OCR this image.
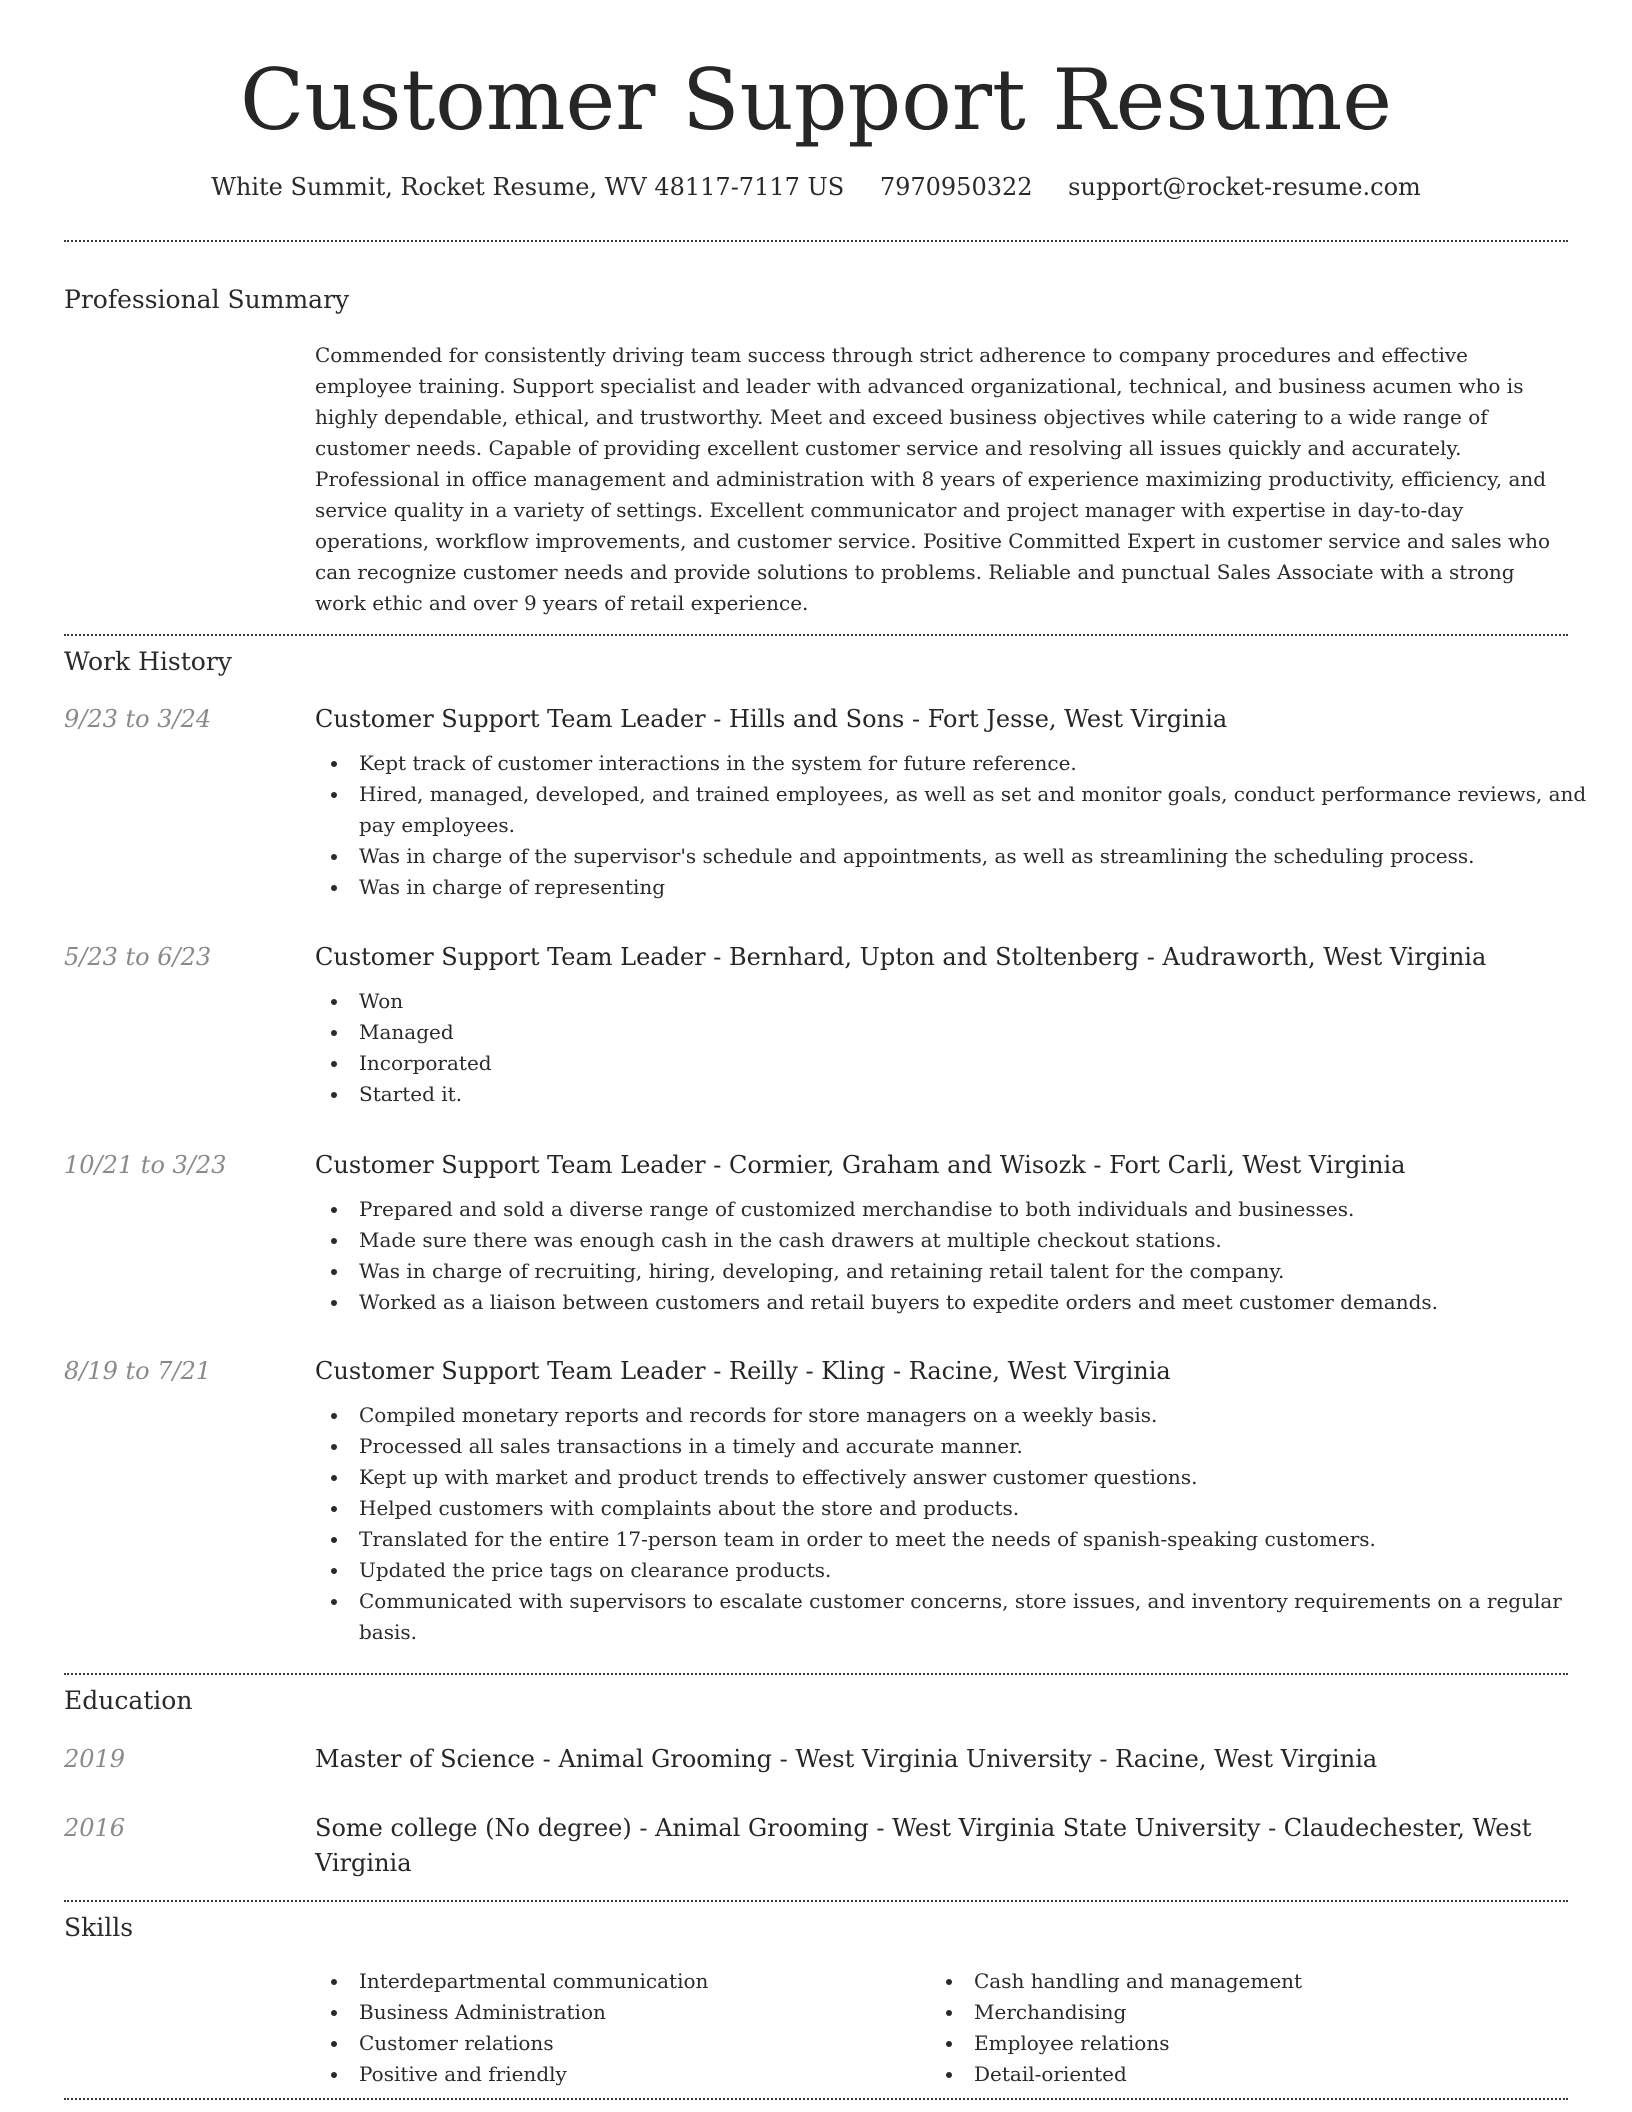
Customer Support Resume
White Summit, Rocket Resume, WV 48117-7117 US 7970950322 support@rocket-resume.com
Professional Summary

Commended for consistently driving team success through strict adherence to company procedures and effective employee training. Support specialist and leader with advanced organizational, technical, and business acumen who is highly dependable, ethical, and trustworthy. Meet and exceed business objectives while catering to a wide range of customer needs. Capable of providing excellent customer service and resolving all issues quickly and accurately. Professional in office management and administration with 8 years of experience maximizing productivity, efficiency, and service quality in a variety of settings. Excellent communicator and project manager with expertise in day-to-day operations, workflow improvements, and customer service. Positive Committed Expert in customer service and sales who can recognize customer needs and provide solutions to problems. Reliable and punctual Sales Associate with a strong work ethic and over 9 years of retail experience.

Work History
9/23 to 3/24	Customer Support Team Leader - Hills and Sons - Fort Jesse, West Virginia
Kept track of customer interactions in the system for future reference.
Hired, managed, developed, and trained employees, as well as set and monitor goals, conduct performance reviews, and pay employees.
Was in charge of the supervisor's schedule and appointments, as well as streamlining the scheduling process.
Was in charge of representing
5/23 to 6/23	Customer Support Team Leader - Bernhard, Upton and Stoltenberg - Audraworth, West Virginia
Won
Managed
Incorporated
Started it.
10/21 to 3/23	Customer Support Team Leader - Cormier, Graham and Wisozk - Fort Carli, West Virginia
Prepared and sold a diverse range of customized merchandise to both individuals and businesses.
Made sure there was enough cash in the cash drawers at multiple checkout stations.
Was in charge of recruiting, hiring, developing, and retaining retail talent for the company.
Worked as a liaison between customers and retail buyers to expedite orders and meet customer demands.
8/19 to 7/21	Customer Support Team Leader - Reilly - Kling - Racine, West Virginia
Compiled monetary reports and records for store managers on a weekly basis.
Processed all sales transactions in a timely and accurate manner.
Kept up with market and product trends to effectively answer customer questions.
Helped customers with complaints about the store and products.
Translated for the entire 17-person team in order to meet the needs of spanish-speaking customers.
Updated the price tags on clearance products.
Communicated with supervisors to escalate customer concerns, store issues, and inventory requirements on a regular basis.
Education
2019	Master of Science - Animal Grooming - West Virginia University - Racine, West Virginia
2016	Some college (No degree) - Animal Grooming - West Virginia State University - Claudechester, West Virginia
Skills
Interdepartmental communication
Business Administration
Customer relations
Positive and friendly
Cash handling and management
Merchandising
Employee relations
Detail-oriented
